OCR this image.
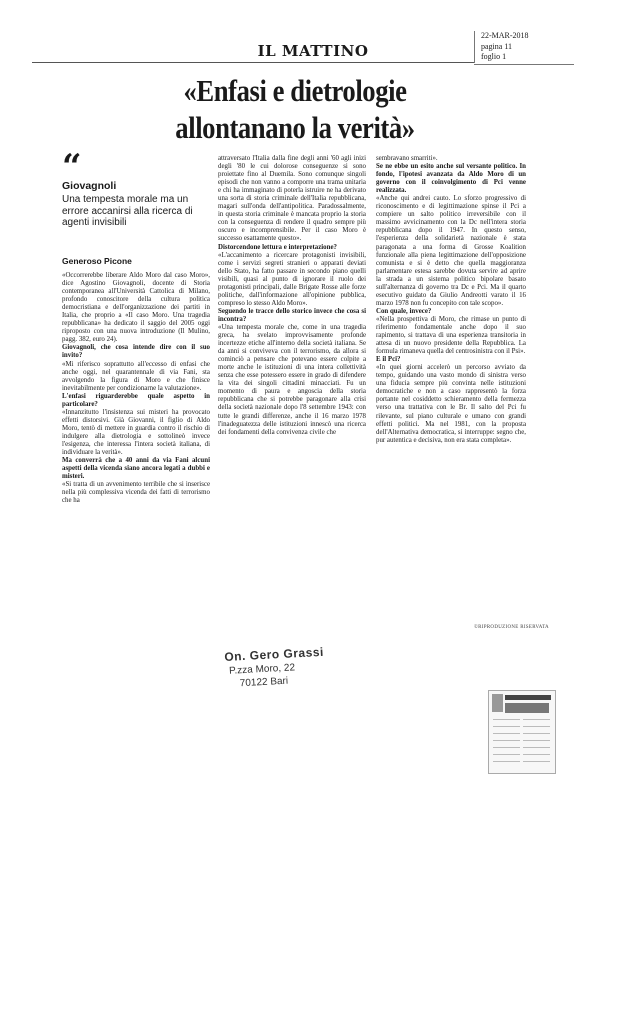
IL MATTINO
22-MAR-2018
pagina 11
foglio 1
«Enfasi e dietrologie
allontanano la verità»
“
Giovagnoli
Una tempesta morale ma un errore accanirsi alla ricerca di agenti invisibili
Generoso Picone

«Occorrerebbe liberare Aldo Moro dal caso Moro», dice Agostino Giovagnoli, docente di Storia contemporanea all'Università Cattolica di Milano, profondo conoscitore della cultura politica democristiana e dell'organizzazione dei partiti in Italia, che proprio a «Il caso Moro. Una tragedia repubblicana» ha dedicato il saggio del 2005 oggi riproposto con una nuova introduzione (Il Mulino, pagg. 382, euro 24).

Giovagnoli, che cosa intende dire con il suo invito?

«Mi riferisco soprattutto all'eccesso di enfasi che anche oggi, nel quarantennale di via Fani, sta avvolgendo la figura di Moro e che finisce inevitabilmente per condizionarne la valutazione».

L'enfasi riguarderebbe quale aspetto in particolare?

«Innanzitutto l'insistenza sui misteri ha provocato effetti distorsivi. Già Giovanni, il figlio di Aldo Moro, tentò di mettere in guardia contro il rischio di indulgere alla dietrologia e sottolineò invece l'esigenza, che interessa l'intera società italiana, di individuare la verità».

Ma converrà che a 40 anni da via Fani alcuni aspetti della vicenda siano ancora legati a dubbi e misteri.

«Si tratta di un avvenimento terribile che si inserisce nella più complessiva vicenda dei fatti di terrorismo che ha

attraversato l'Italia dalla fine degli anni '60 agli inizi degli '80 le cui dolorose conseguenze si sono proiettate fino al Duemila. Sono comunque singoli episodi che non vanno a comporre una trama unitaria e chi ha immaginato di poterla istruire ne ha derivato una sorta di storia criminale dell'Italia repubblicana, magari sull'onda dell'antipolitica. Paradossalmente, in questa storia criminale è mancata proprio la storia con la conseguenza di rendere il quadro sempre più oscuro e incomprensibile. Per il caso Moro è successo esattamente questo».

Distorcendone lettura e interpretazione?

«L'accanimento a ricercare protagonisti invisibili, come i servizi segreti stranieri o apparati deviati dello Stato, ha fatto passare in secondo piano quelli visibili, quasi al punto di ignorare il ruolo dei protagonisti principali, dalle Brigate Rosse alle forze politiche, dall'informazione all'opinione pubblica, compreso lo stesso Aldo Moro».

Seguendo le tracce dello storico invece che cosa si incontra?

«Una tempesta morale che, come in una tragedia greca, ha svelato improvvisamente profonde incertezze etiche all'interno della società italiana. Se da anni si conviveva con il terrorismo, da allora si cominciò a pensare che potevano essere colpite a morte anche le istituzioni di una intera collettività senza che esse potessero essere in grado di difendere la vita dei singoli cittadini minacciati. Fu un momento di paura e angoscia della storia repubblicana che si potrebbe paragonare alla crisi della società nazionale dopo l'8 settembre 1943: con tutte le grandi differenze, anche il 16 marzo 1978 l'inadeguatezza delle istituzioni innescò una ricerca dei fondamenti della convivenza civile che

sembravano smarriti».

Se ne ebbe un esito anche sul versante politico. In fondo, l'ipotesi avanzata da Aldo Moro di un governo con il coinvolgimento di Pci venne realizzata.

«Anche qui andrei cauto. Lo sforzo progressivo di riconoscimento e di legittimazione spinse il Pci a compiere un salto politico irreversibile con il massimo avvicinamento con la Dc nell'intera storia repubblicana dopo il 1947. In questo senso, l'esperienza della solidarietà nazionale è stata paragonata a una forma di Grosse Koalition funzionale alla piena legittimazione dell'opposizione comunista e si è detto che quella maggioranza parlamentare estesa sarebbe dovuta servire ad aprire la strada a un sistema politico bipolare basato sull'alternanza di governo tra Dc e Pci. Ma il quarto esecutivo guidato da Giulio Andreotti varato il 16 marzo 1978 non fu concepito con tale scopo».

Con quale, invece?

«Nella prospettiva di Moro, che rimase un punto di riferimento fondamentale anche dopo il suo rapimento, si trattava di una esperienza transitoria in attesa di un nuovo presidente della Repubblica. La formula rimaneva quella del centrosinistra con il Psi».

E il Pci?

«In quei giorni accelerò un percorso avviato da tempo, guidando una vasto mondo di sinistra verso una fiducia sempre più convinta nelle istituzioni democratiche e non a caso rappresentò la forza portante nel cosiddetto schieramento della fermezza verso una trattativa con le Br. Il salto del Pci fu rilevante, sul piano culturale e umano con grandi effetti politici. Ma nel 1981, con la proposta dell'Alternativa democratica, si interruppe: segno che, pur autentica e decisiva, non era stata completa».

©RIPRODUZIONE RISERVATA
On. Gero Grassi
P.zza Moro, 22
70122 Bari
